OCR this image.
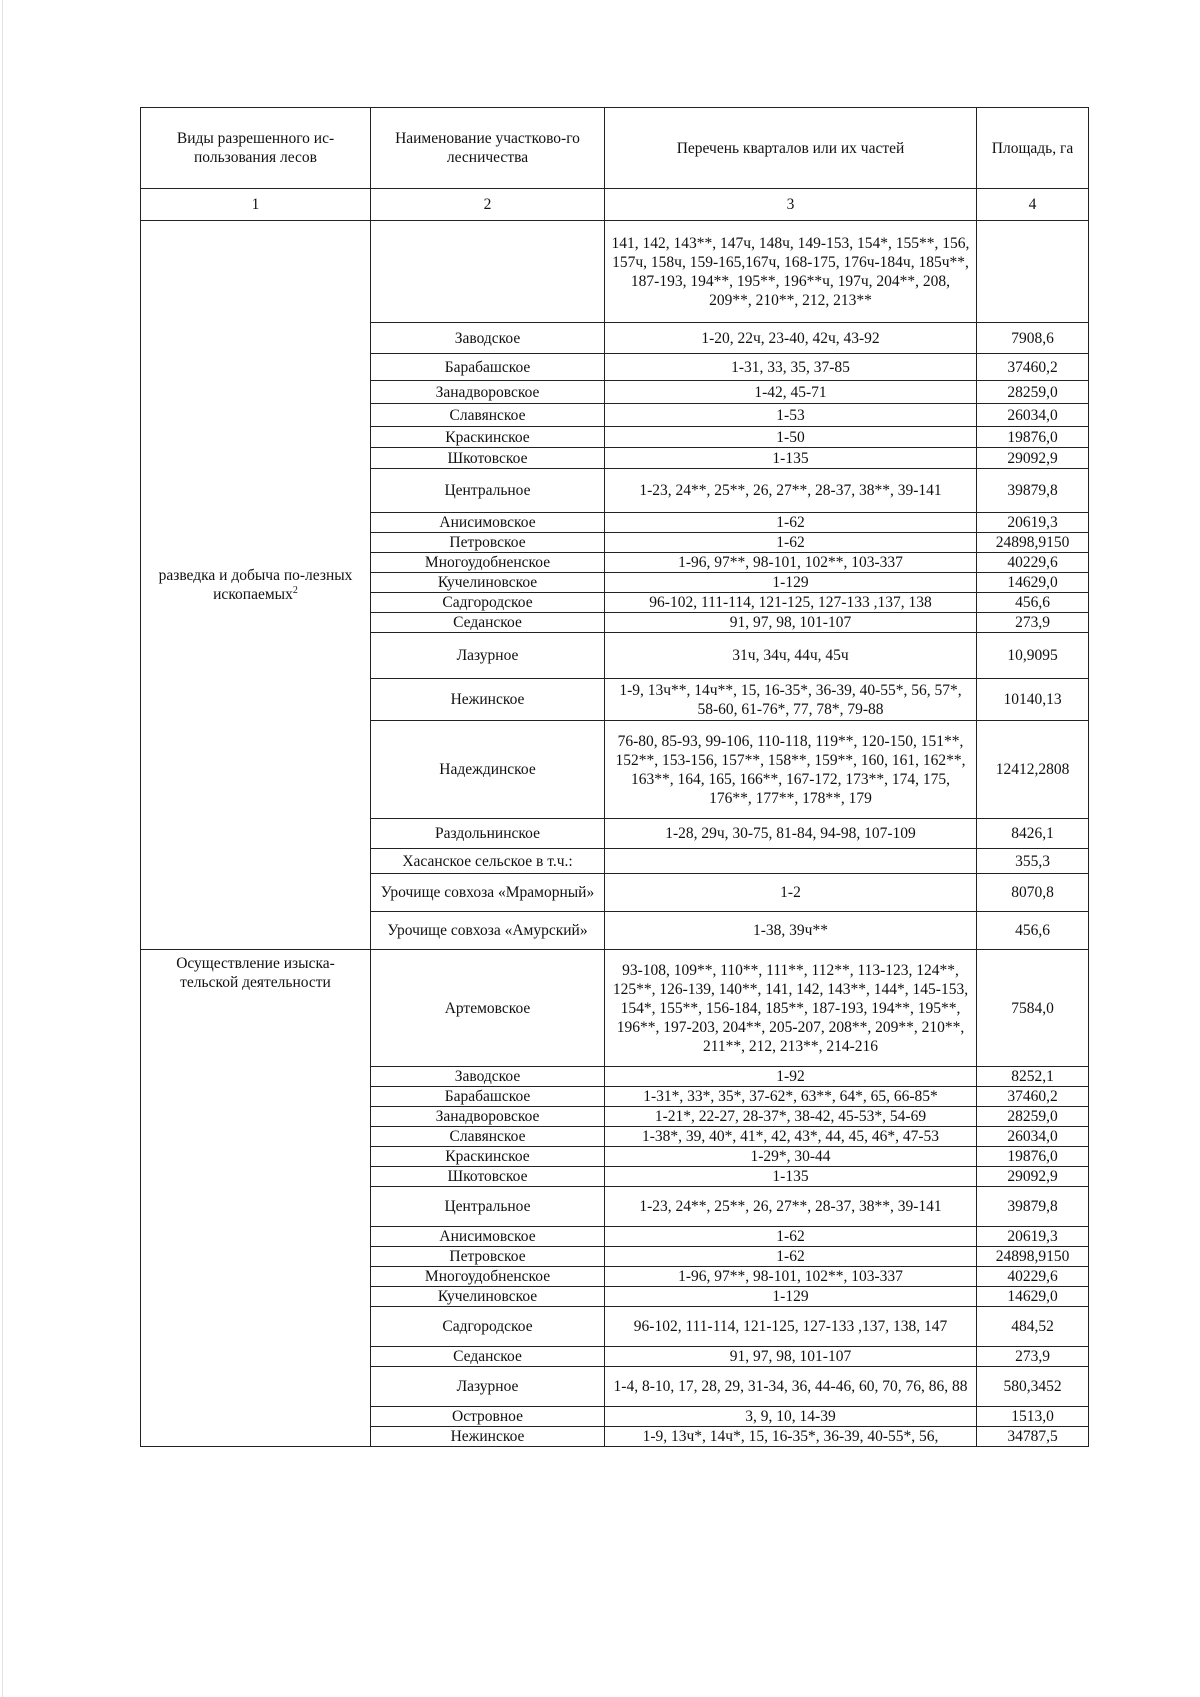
Виды разрешенного ис-пользования лесов	Наименование участково-го лесничества	Перечень кварталов или их частей	Площадь, га
1	2	3	4
разведка и добыча по-лезных ископаемых$^2$		141, 142, 143**, 147ч, 148ч, 149-153, 154*, 155**, 156, 157ч, 158ч, 159-165,167ч, 168-175, 176ч-184ч, 185ч**, 187-193, 194**, 195**, 196**ч, 197ч, 204**, 208, 209**, 210**, 212, 213**	
	Заводское	1-20, 22ч, 23-40, 42ч, 43-92	7908,6
	Барабашское	1-31, 33, 35, 37-85	37460,2
	Занадворовское	1-42, 45-71	28259,0
	Славянское	1-53	26034,0
	Краскинское	1-50	19876,0
	Шкотовское	1-135	29092,9
	Центральное	1-23, 24**, 25**, 26, 27**, 28-37, 38**, 39-141	39879,8
	Анисимовское	1-62	20619,3
	Петровское	1-62	24898,9150
	Многоудобненское	1-96, 97**, 98-101, 102**, 103-337	40229,6
	Кучелиновское	1-129	14629,0
	Садгородское	96-102, 111-114, 121-125, 127-133 ,137, 138	456,6
	Седанское	91, 97, 98, 101-107	273,9
	Лазурное	31ч, 34ч, 44ч, 45ч	10,9095
	Нежинское	1-9, 13ч**, 14ч**, 15, 16-35*, 36-39, 40-55*, 56, 57*, 58-60, 61-76*, 77, 78*, 79-88	10140,13
	Надеждинское	76-80, 85-93, 99-106, 110-118, 119**, 120-150, 151**, 152**, 153-156, 157**, 158**, 159**, 160, 161, 162**, 163**, 164, 165, 166**, 167-172, 173**, 174, 175, 176**, 177**, 178**, 179	12412,2808
	Раздольнинское	1-28, 29ч, 30-75, 81-84, 94-98, 107-109	8426,1
	Хасанское сельское в т.ч.:		355,3
	Урочище совхоза «Мраморный»	1-2	8070,8
	Урочище совхоза «Амурский»	1-38, 39ч**	456,6
Осуществление изыска-тельской деятельности	Артемовское	93-108, 109**, 110**, 111**, 112**, 113-123, 124**, 125**, 126-139, 140**, 141, 142, 143**, 144*, 145-153, 154*, 155**, 156-184, 185**, 187-193, 194**, 195**, 196**, 197-203, 204**, 205-207, 208**, 209**, 210**, 211**, 212, 213**, 214-216	7584,0
	Заводское	1-92	8252,1
	Барабашское	1-31*, 33*, 35*, 37-62*, 63**, 64*, 65, 66-85*	37460,2
	Занадворовское	1-21*, 22-27, 28-37*, 38-42, 45-53*, 54-69	28259,0
	Славянское	1-38*, 39, 40*, 41*, 42, 43*, 44, 45, 46*, 47-53	26034,0
	Краскинское	1-29*, 30-44	19876,0
	Шкотовское	1-135	29092,9
	Центральное	1-23, 24**, 25**, 26, 27**, 28-37, 38**, 39-141	39879,8
	Анисимовское	1-62	20619,3
	Петровское	1-62	24898,9150
	Многоудобненское	1-96, 97**, 98-101, 102**, 103-337	40229,6
	Кучелиновское	1-129	14629,0
	Садгородское	96-102, 111-114, 121-125, 127-133 ,137, 138, 147	484,52
	Седанское	91, 97, 98, 101-107	273,9
	Лазурное	1-4, 8-10, 17, 28, 29, 31-34, 36, 44-46, 60, 70, 76, 86, 88	580,3452
	Островное	3, 9, 10, 14-39	1513,0
	Нежинское	1-9, 13ч*, 14ч*, 15, 16-35*, 36-39, 40-55*, 56,	34787,5
